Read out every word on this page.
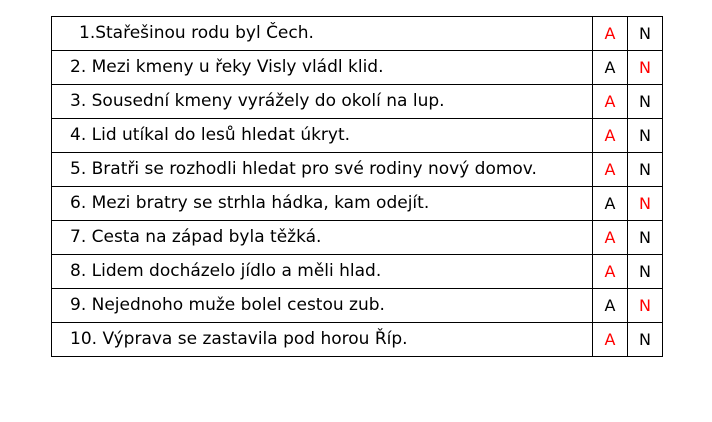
1.Stařešinou rodu byl Čech.	A	N
2. Mezi kmeny u řeky Visly vládl klid.	A	N
3. Sousední kmeny vyrážely do okolí na lup.	A	N
4. Lid utíkal do lesů hledat úkryt.	A	N
5. Bratři se rozhodli hledat pro své rodiny nový domov.	A	N
6. Mezi bratry se strhla hádka, kam odejít.	A	N
7. Cesta na západ byla těžká.	A	N
8. Lidem docházelo jídlo a měli hlad.	A	N
9. Nejednoho muže bolel cestou zub.	A	N
10. Výprava se zastavila pod horou Říp.	A	N
